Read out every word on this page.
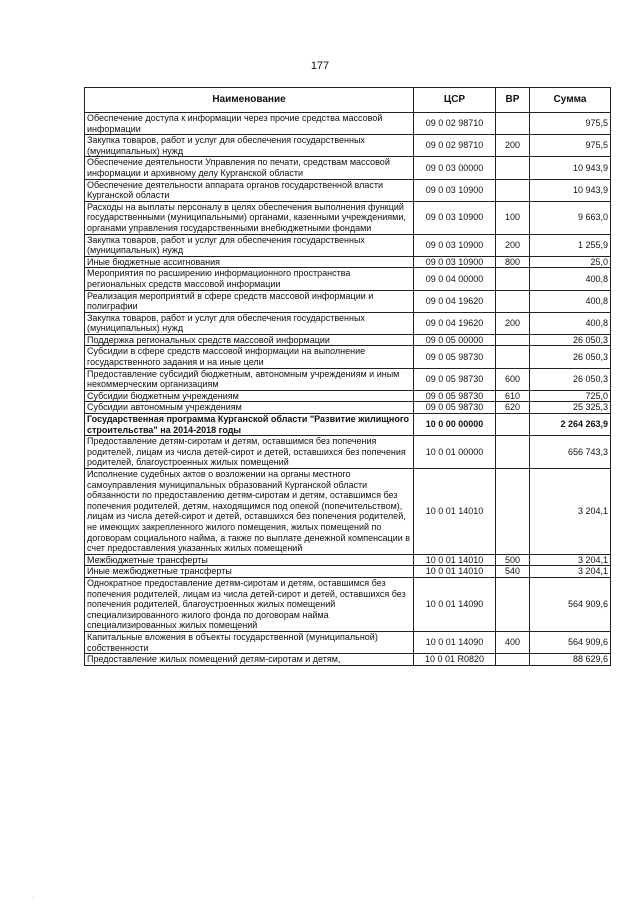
177
Наименование	ЦСР	ВР	Сумма
Обеспечение доступа к информации через прочие средства массовой информации	09 0 02 98710		975,5
Закупка товаров, работ и услуг для обеспечения государственных (муниципальных) нужд	09 0 02 98710	200	975,5
Обеспечение деятельности Управления по печати, средствам массовой информации и архивному делу Курганской области	09 0 03 00000		10 943,9
Обеспечение деятельности аппарата органов государственной власти Курганской области	09 0 03 10900		10 943,9
Расходы на выплаты персоналу в целях обеспечения выполнения функций государственными (муниципальными) органами, казенными учреждениями, органами управления государственными внебюджетными фондами	09 0 03 10900	100	9 663,0
Закупка товаров, работ и услуг для обеспечения государственных (муниципальных) нужд	09 0 03 10900	200	1 255,9
Иные бюджетные ассигнования	09 0 03 10900	800	25,0
Мероприятия по расширению информационного пространства региональных средств массовой информации	09 0 04 00000		400,8
Реализация мероприятий в сфере средств массовой информации и полиграфии	09 0 04 19620		400,8
Закупка товаров, работ и услуг для обеспечения государственных (муниципальных) нужд	09 0 04 19620	200	400,8
Поддержка региональных средств массовой информации	09 0 05 00000		26 050,3
Субсидии в сфере средств массовой информации на выполнение государственного задания и на иные цели	09 0 05 98730		26 050,3
Предоставление субсидий бюджетным, автономным учреждениям и иным некоммерческим организациям	09 0 05 98730	600	26 050,3
Субсидии бюджетным учреждениям	09 0 05 98730	610	725,0
Субсидии автономным учреждениям	09 0 05 98730	620	25 325,3
Государственная программа Курганской области "Развитие жилищного строительства" на 2014-2018 годы	10 0 00 00000		2 264 263,9
Предоставление детям-сиротам и детям, оставшимся без попечения родителей, лицам из числа детей-сирот и детей, оставшихся без попечения родителей, благоустроенных жилых помещений	10 0 01 00000		656 743,3
Исполнение судебных актов о возложении на органы местного самоуправления муниципальных образований Курганской области обязанности по предоставлению детям-сиротам и детям, оставшимся без попечения родителей, детям, находящимся под опекой (попечительством), лицам из числа детей-сирот и детей, оставшихся без попечения родителей, не имеющих закрепленного жилого помещения, жилых помещений по договорам социального найма, а также по выплате денежной компенсации в счет предоставления указанных жилых помещений	10 0 01 14010		3 204,1
Межбюджетные трансферты	10 0 01 14010	500	3 204,1
Иные межбюджетные трансферты	10 0 01 14010	540	3 204,1
Однократное предоставление детям-сиротам и детям, оставшимся без попечения родителей, лицам из числа детей-сирот и детей, оставшихся без попечения родителей, благоустроенных жилых помещений специализированного жилого фонда по договорам найма специализированных жилых помещений	10 0 01 14090		564 909,6
Капитальные вложения в объекты государственной (муниципальной) собственности	10 0 01 14090	400	564 909,6
Предоставление жилых помещений детям-сиротам и детям,	10 0 01 R0820		88 629,6
·
